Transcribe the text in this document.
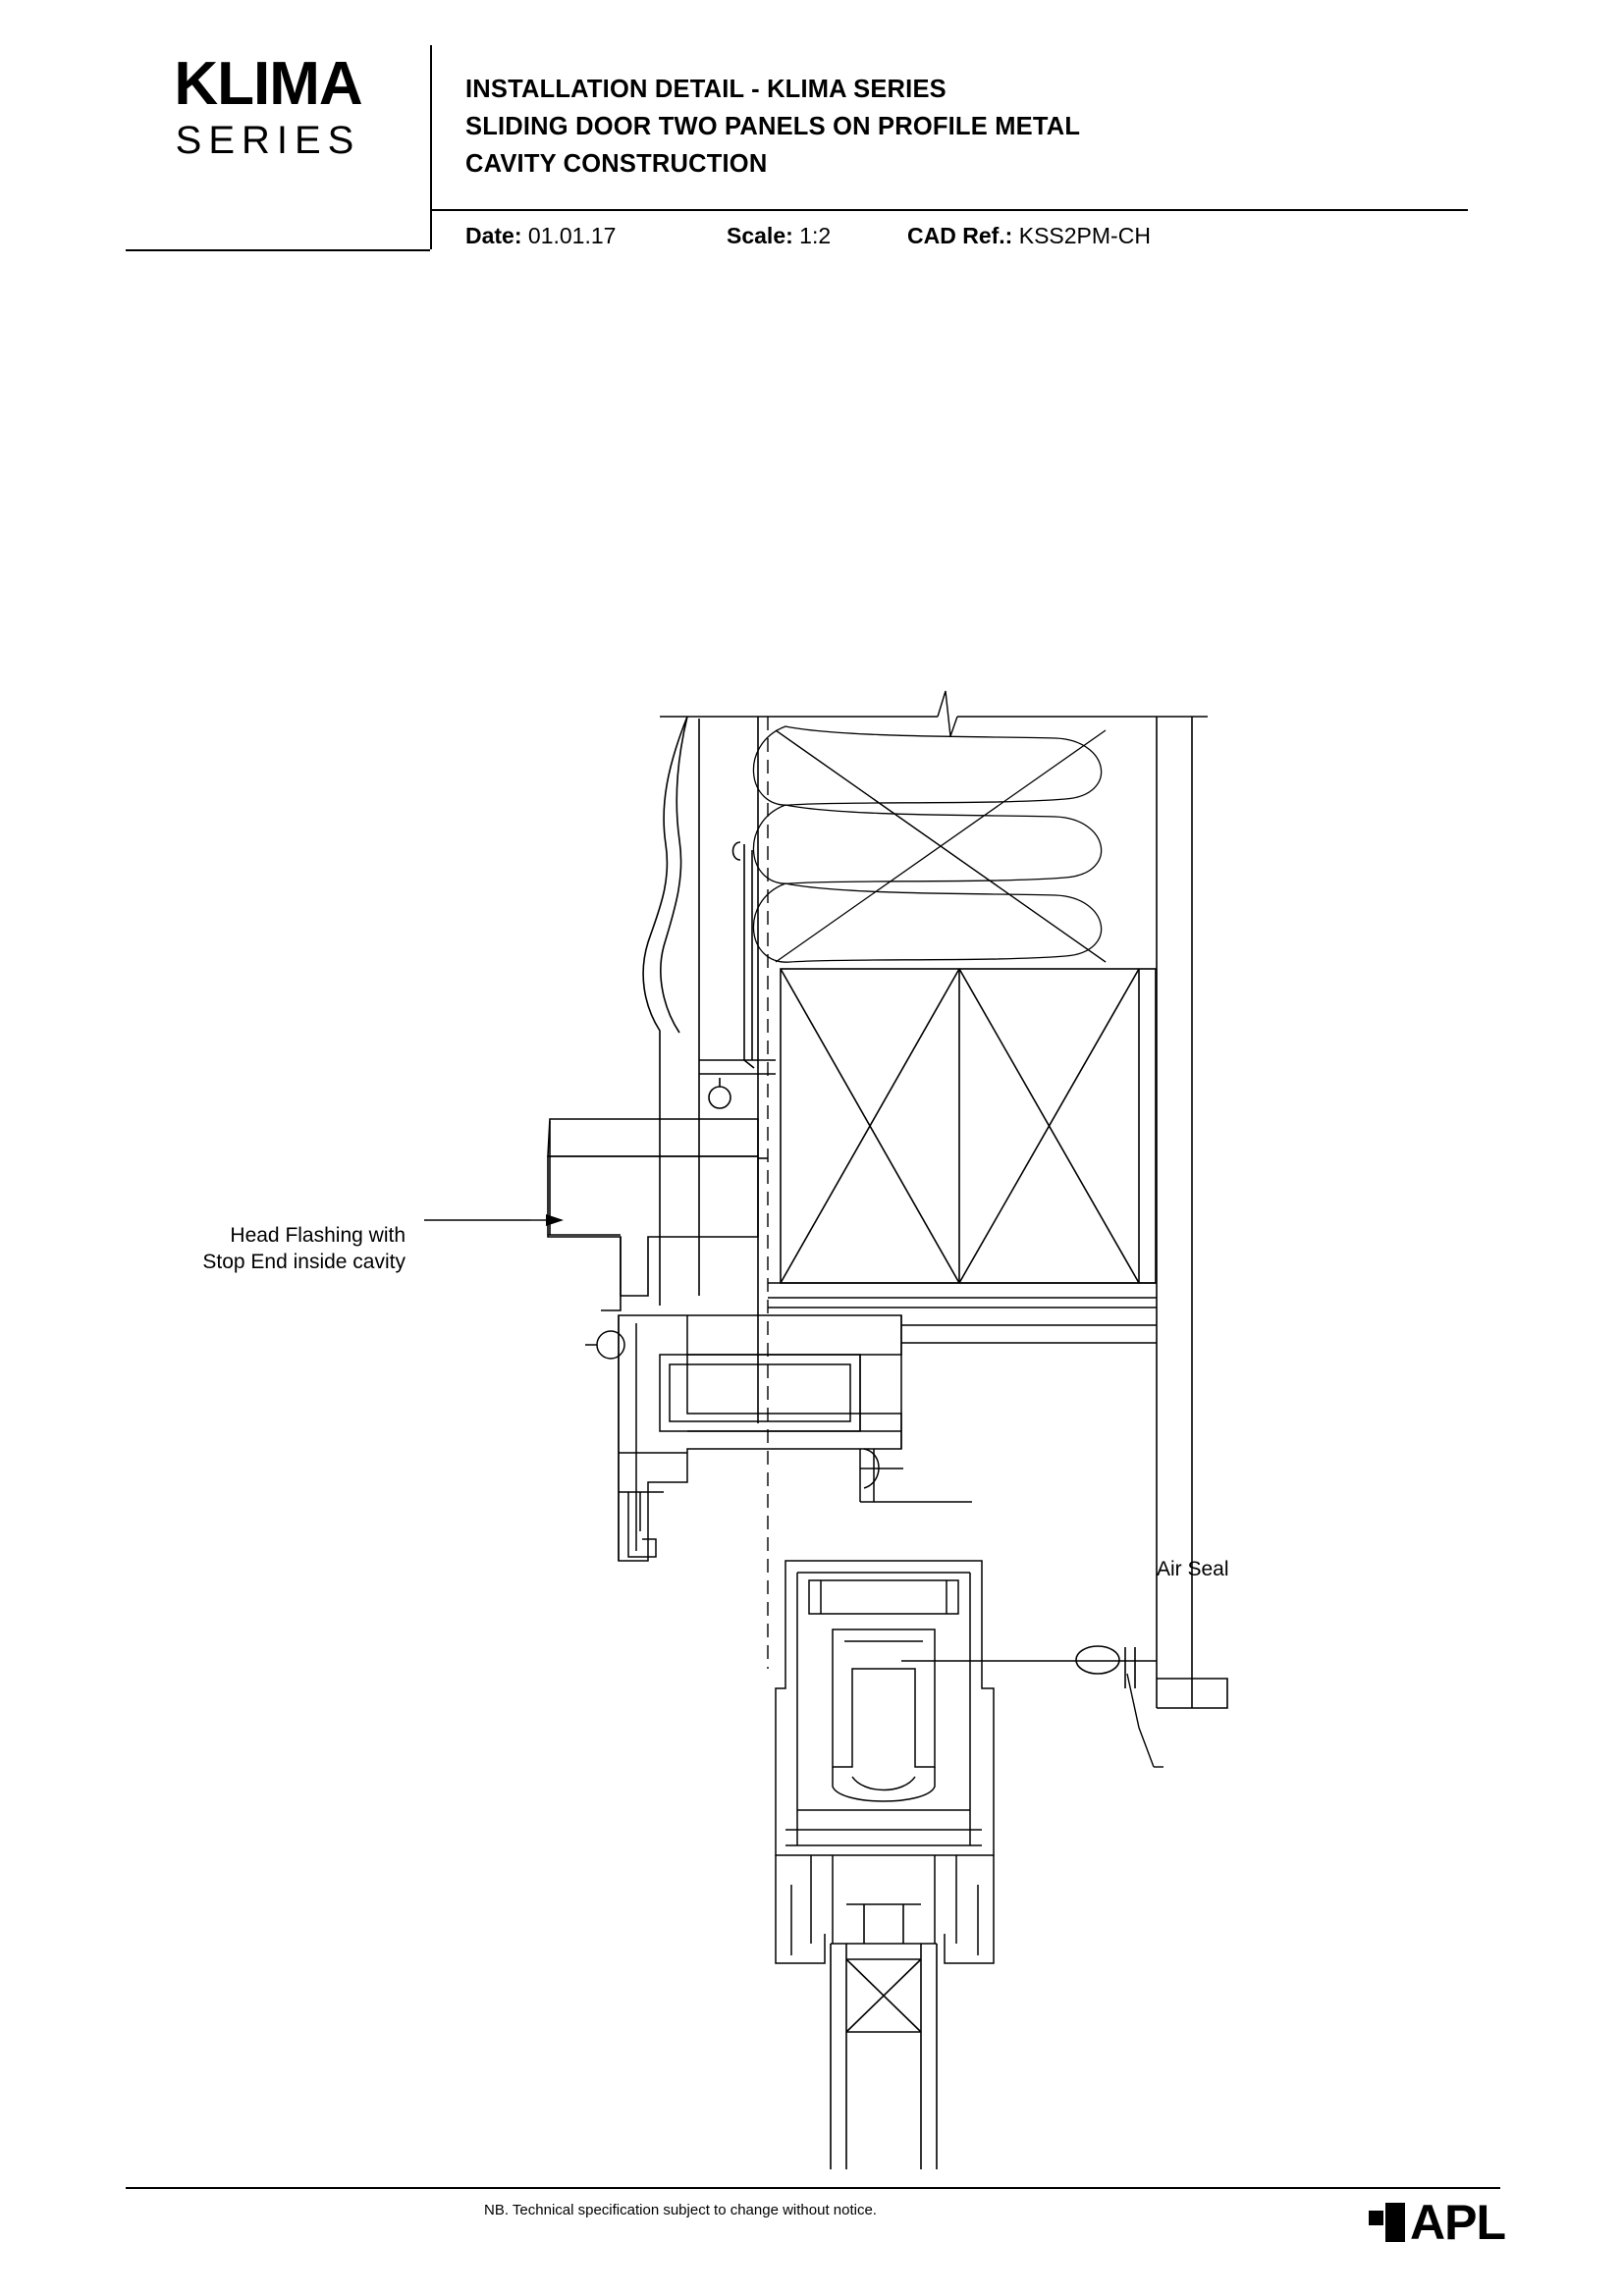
KLIMA
SERIES
INSTALLATION DETAIL - KLIMA SERIES
SLIDING DOOR TWO PANELS ON PROFILE METAL
CAVITY CONSTRUCTION
Date: 01.01.17	Scale: 1:2	CAD Ref.: KSS2PM-CH
Head Flashing with
Stop End inside cavity
Air Seal
NB. Technical specification subject to change without notice.	APL
